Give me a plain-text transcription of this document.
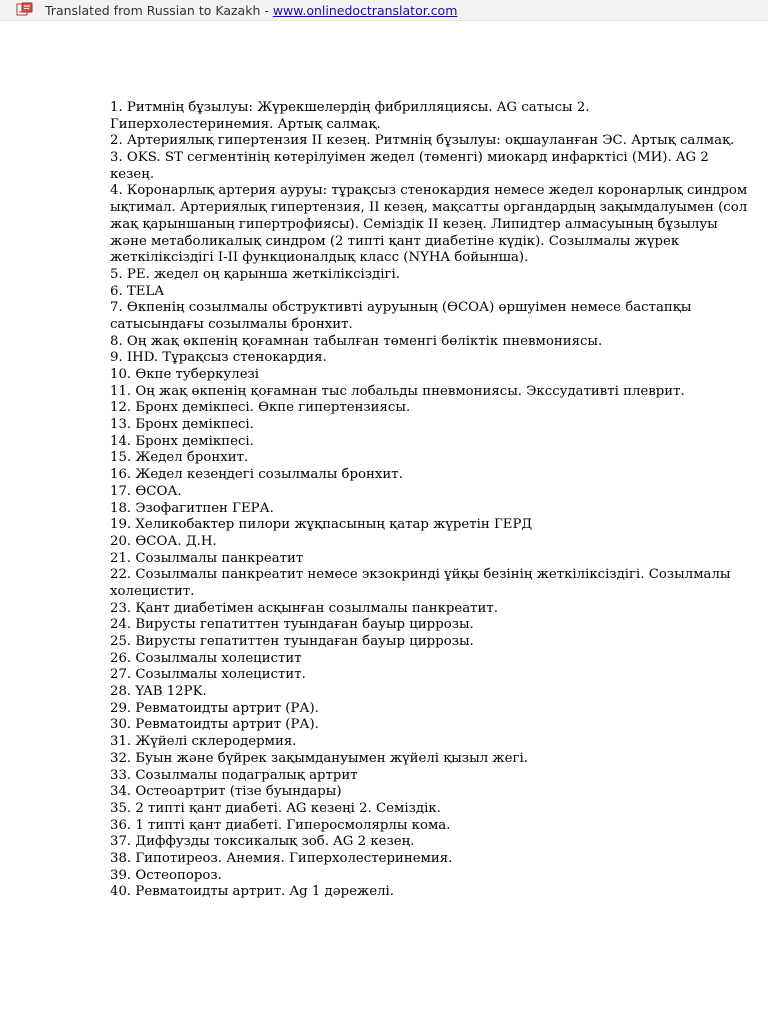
Translated from Russian to Kazakh - www.onlinedoctranslator.com
1. Ритмнің бұзылуы: Жүрекшелердің фибрилляциясы. AG сатысы 2.
Гиперхолестеринемия. Артық салмақ.
2. Артериялық гипертензия II кезең. Ритмнің бұзылуы: оқшауланған ЭС. Артық салмақ.
3. OKS. ST сегментінің көтерілуімен жедел (төменгі) миокард инфарктісі (МИ). AG 2
кезең.
4. Коронарлық артерия ауруы: тұрақсыз стенокардия немесе жедел коронарлық синдром
ықтимал. Артериялық гипертензия, II кезең, мақсатты органдардың зақымдалуымен (сол
жақ қарыншаның гипертрофиясы). Семіздік II кезең. Липидтер алмасуының бұзылуы
және метаболикалық синдром (2 типті қант диабетіне күдік). Созылмалы жүрек
жеткіліксіздігі I-II функционалдық класс (NYHA бойынша).
5. PE. жедел оң қарынша жеткіліксіздігі.
6. TELA
7. Өкпенің созылмалы обструктивті ауруының (ӨСОА) өршуімен немесе бастапқы
сатысындағы созылмалы бронхит.
8. Оң жақ өкпенің қоғамнан табылған төменгі бөліктік пневмониясы.
9. IHD. Тұрақсыз стенокардия.
10. Өкпе туберкулезі
11. Оң жақ өкпенің қоғамнан тыс лобальды пневмониясы. Экссудативті плеврит.
12. Бронх демікпесі. Өкпе гипертензиясы.
13. Бронх демікпесі.
14. Бронх демікпесі.
15. Жедел бронхит.
16. Жедел кезеңдегі созылмалы бронхит.
17. ӨСОА.
18. Эзофагитпен ГЕРА.
19. Хеликобактер пилори жұқпасының қатар жүретін ГЕРД
20. ӨСОА. Д.Н.
21. Созылмалы панкреатит
22. Созылмалы панкреатит немесе экзокринді ұйқы безінің жеткіліксіздігі. Созылмалы
холецистит.
23. Қант диабетімен асқынған созылмалы панкреатит.
24. Вирусты гепатиттен туындаған бауыр циррозы.
25. Вирусты гепатиттен туындаған бауыр циррозы.
26. Созылмалы холецистит
27. Созылмалы холецистит.
28. YAB 12PK.
29. Ревматоидты артрит (РА).
30. Ревматоидты артрит (РА).
31. Жүйелі склеродермия.
32. Буын және бүйрек зақымдануымен жүйелі қызыл жегі.
33. Созылмалы подагралық артрит
34. Остеоартрит (тізе буындары)
35. 2 типті қант диабеті. AG кезеңі 2. Семіздік.
36. 1 типті қант диабеті. Гиперосмолярлы кома.
37. Диффузды токсикалық зоб. AG 2 кезең.
38. Гипотиреоз. Анемия. Гиперхолестеринемия.
39. Остеопороз.
40. Ревматоидты артрит. Ag 1 дәрежелі.
